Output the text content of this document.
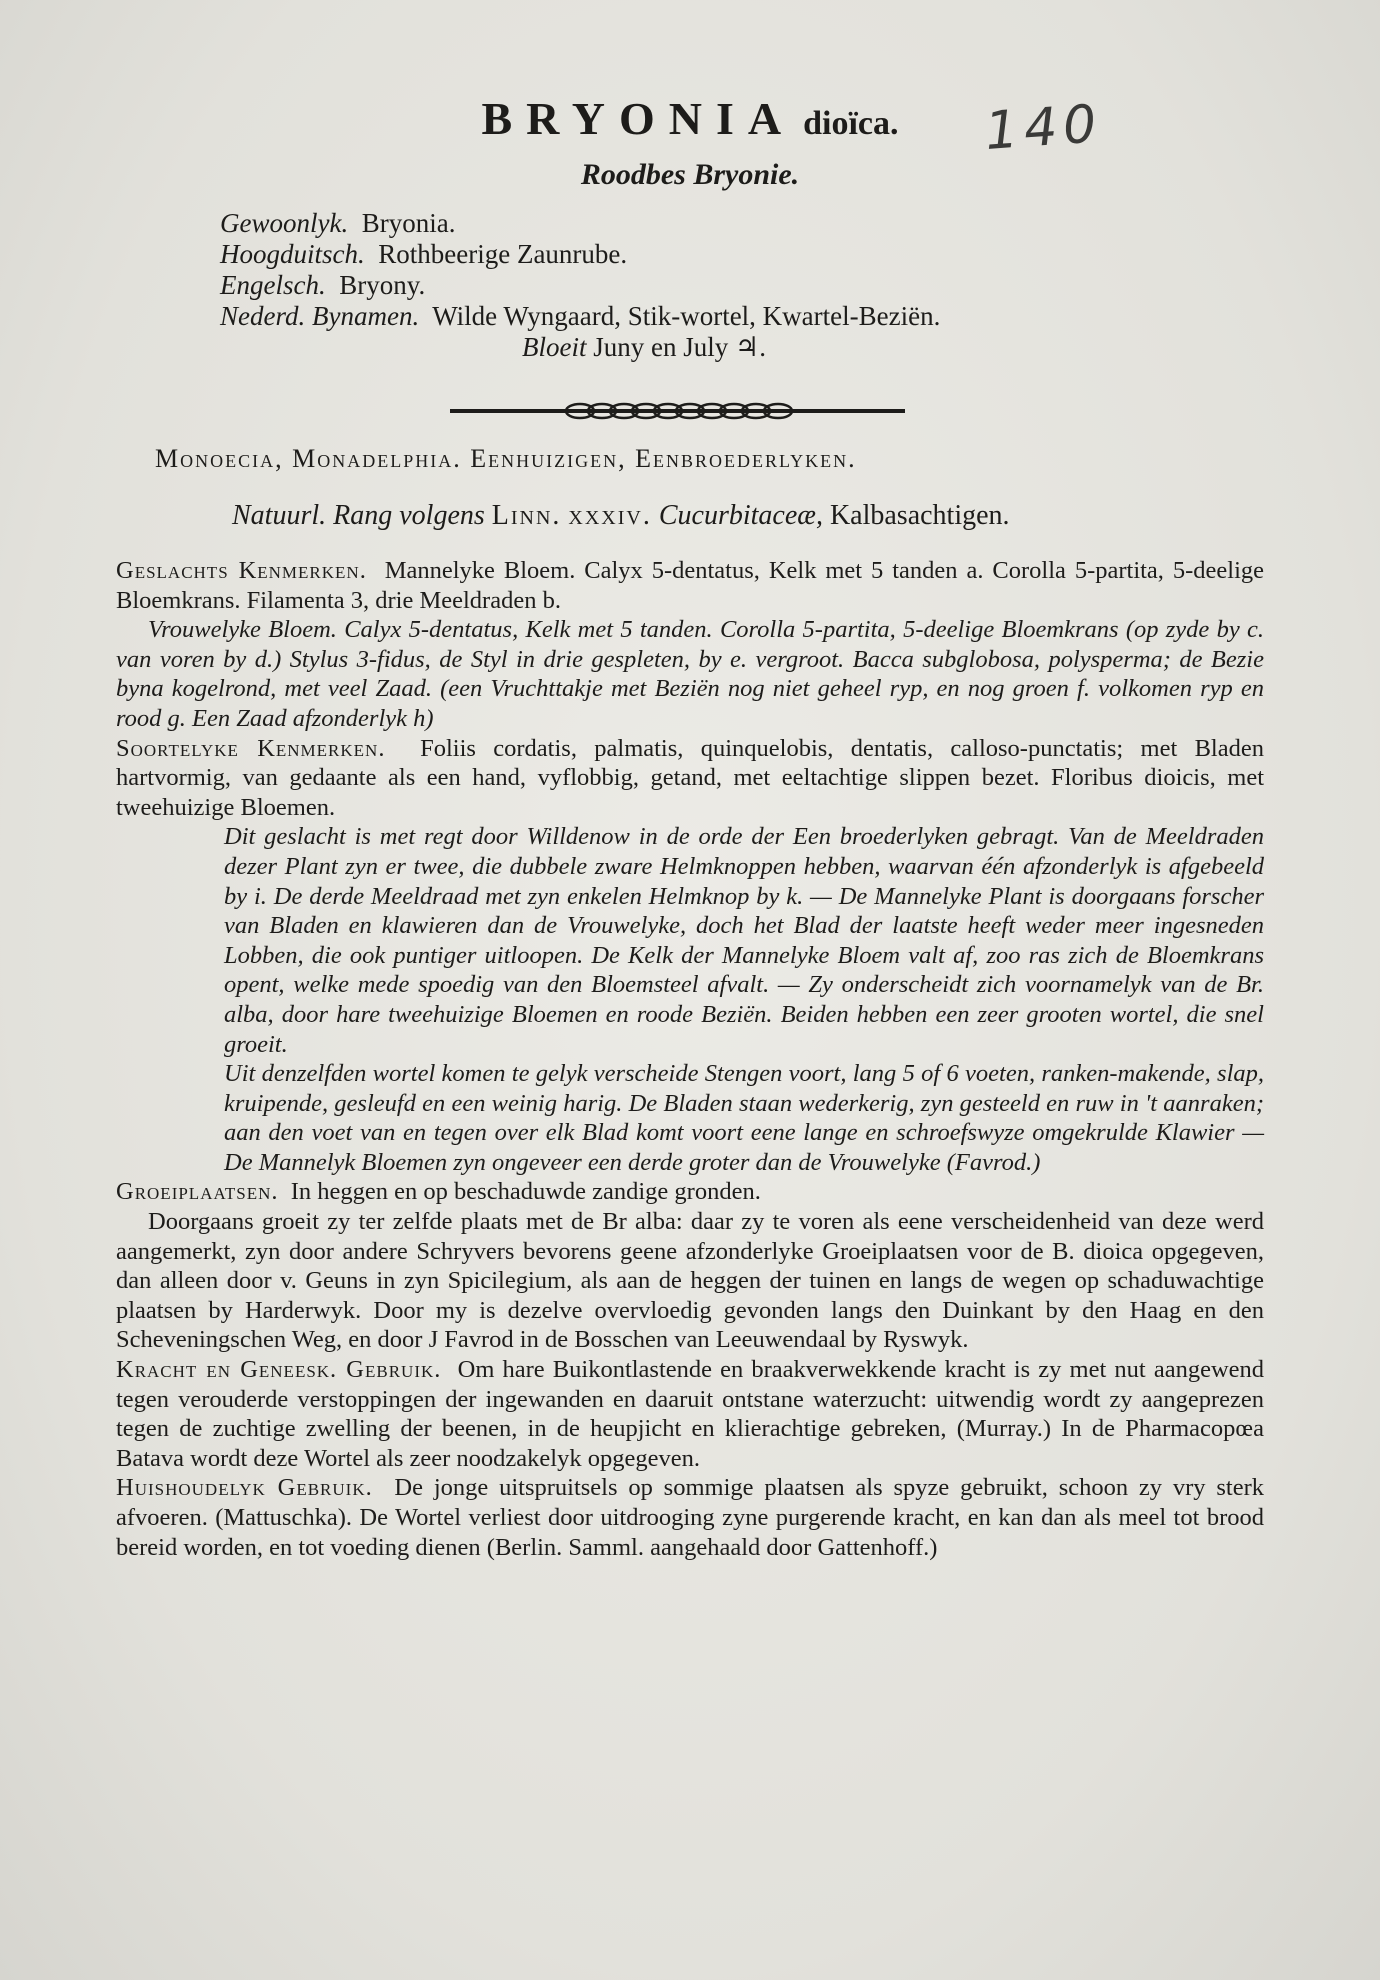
BRYONIA dioïca.	140
Roodbes Bryonie.
Gewoonlyk. Bryonia.
Hoogduitsch. Rothbeerige Zaunrube.
Engelsch. Bryony.
Nederd. Bynamen. Wilde Wyngaard, Stik-wortel, Kwartel-Beziën.
Bloeit Juny en July ♃.
Monoecia, Monadelphia. Eenhuizigen, Eenbroederlyken.
Natuurl. Rang volgens Linn. xxxiv. Cucurbitaceæ, Kalbasachtigen.

Geslachts Kenmerken. Mannelyke Bloem. Calyx 5-dentatus, Kelk met 5 tanden a. Corolla 5-partita, 5-deelige Bloemkrans. Filamenta 3, drie Meeldraden b.

Vrouwelyke Bloem. Calyx 5-dentatus, Kelk met 5 tanden. Corolla 5-partita, 5-deelige Bloemkrans (op zyde by c. van voren by d.) Stylus 3-fidus, de Styl in drie gespleten, by e. vergroot. Bacca subglobosa, polysperma; de Bezie byna kogelrond, met veel Zaad. (een Vruchttakje met Beziën nog niet geheel ryp, en nog groen f. volkomen ryp en rood g. Een Zaad afzonderlyk h)

Soortelyke Kenmerken. Foliis cordatis, palmatis, quinquelobis, dentatis, calloso-punctatis; met Bladen hartvormig, van gedaante als een hand, vyflobbig, getand, met eeltachtige slippen bezet. Floribus dioicis, met tweehuizige Bloemen.

Dit geslacht is met regt door Willdenow in de orde der Een broederlyken gebragt. Van de Meeldraden dezer Plant zyn er twee, die dubbele zware Helmknoppen hebben, waarvan één afzonderlyk is afgebeeld by i. De derde Meeldraad met zyn enkelen Helmknop by k. — De Mannelyke Plant is doorgaans forscher van Bladen en klawieren dan de Vrouwelyke, doch het Blad der laatste heeft weder meer ingesneden Lobben, die ook puntiger uitloopen. De Kelk der Mannelyke Bloem valt af, zoo ras zich de Bloemkrans opent, welke mede spoedig van den Bloemsteel afvalt. — Zy onderscheidt zich voornamelyk van de Br. alba, door hare tweehuizige Bloemen en roode Beziën. Beiden hebben een zeer grooten wortel, die snel groeit.

Uit denzelfden wortel komen te gelyk verscheide Stengen voort, lang 5 of 6 voeten, ranken-makende, slap, kruipende, gesleufd en een weinig harig. De Bladen staan wederkerig, zyn gesteeld en ruw in 't aanraken; aan den voet van en tegen over elk Blad komt voort eene lange en schroefswyze omgekrulde Klawier — De Mannelyk Bloemen zyn ongeveer een derde groter dan de Vrouwelyke (Favrod.)

Groeiplaatsen. In heggen en op beschaduwde zandige gronden.

Doorgaans groeit zy ter zelfde plaats met de Br alba: daar zy te voren als eene verscheidenheid van deze werd aangemerkt, zyn door andere Schryvers bevorens geene afzonderlyke Groeiplaatsen voor de B. dioica opgegeven, dan alleen door v. Geuns in zyn Spicilegium, als aan de heggen der tuinen en langs de wegen op schaduwachtige plaatsen by Harderwyk. Door my is dezelve overvloedig gevonden langs den Duinkant by den Haag en den Scheveningschen Weg, en door J Favrod in de Bosschen van Leeuwendaal by Ryswyk.

Kracht en Geneesk. Gebruik. Om hare Buikontlastende en braakverwekkende kracht is zy met nut aangewend tegen verouderde verstoppingen der ingewanden en daaruit ontstane waterzucht: uitwendig wordt zy aangeprezen tegen de zuchtige zwelling der beenen, in de heupjicht en klierachtige gebreken, (Murray.) In de Pharmacopœa Batava wordt deze Wortel als zeer noodzakelyk opgegeven.

Huishoudelyk Gebruik. De jonge uitspruitsels op sommige plaatsen als spyze gebruikt, schoon zy vry sterk afvoeren. (Mattuschka). De Wortel verliest door uitdrooging zyne purgerende kracht, en kan dan als meel tot brood bereid worden, en tot voeding dienen (Berlin. Samml. aangehaald door Gattenhoff.)
